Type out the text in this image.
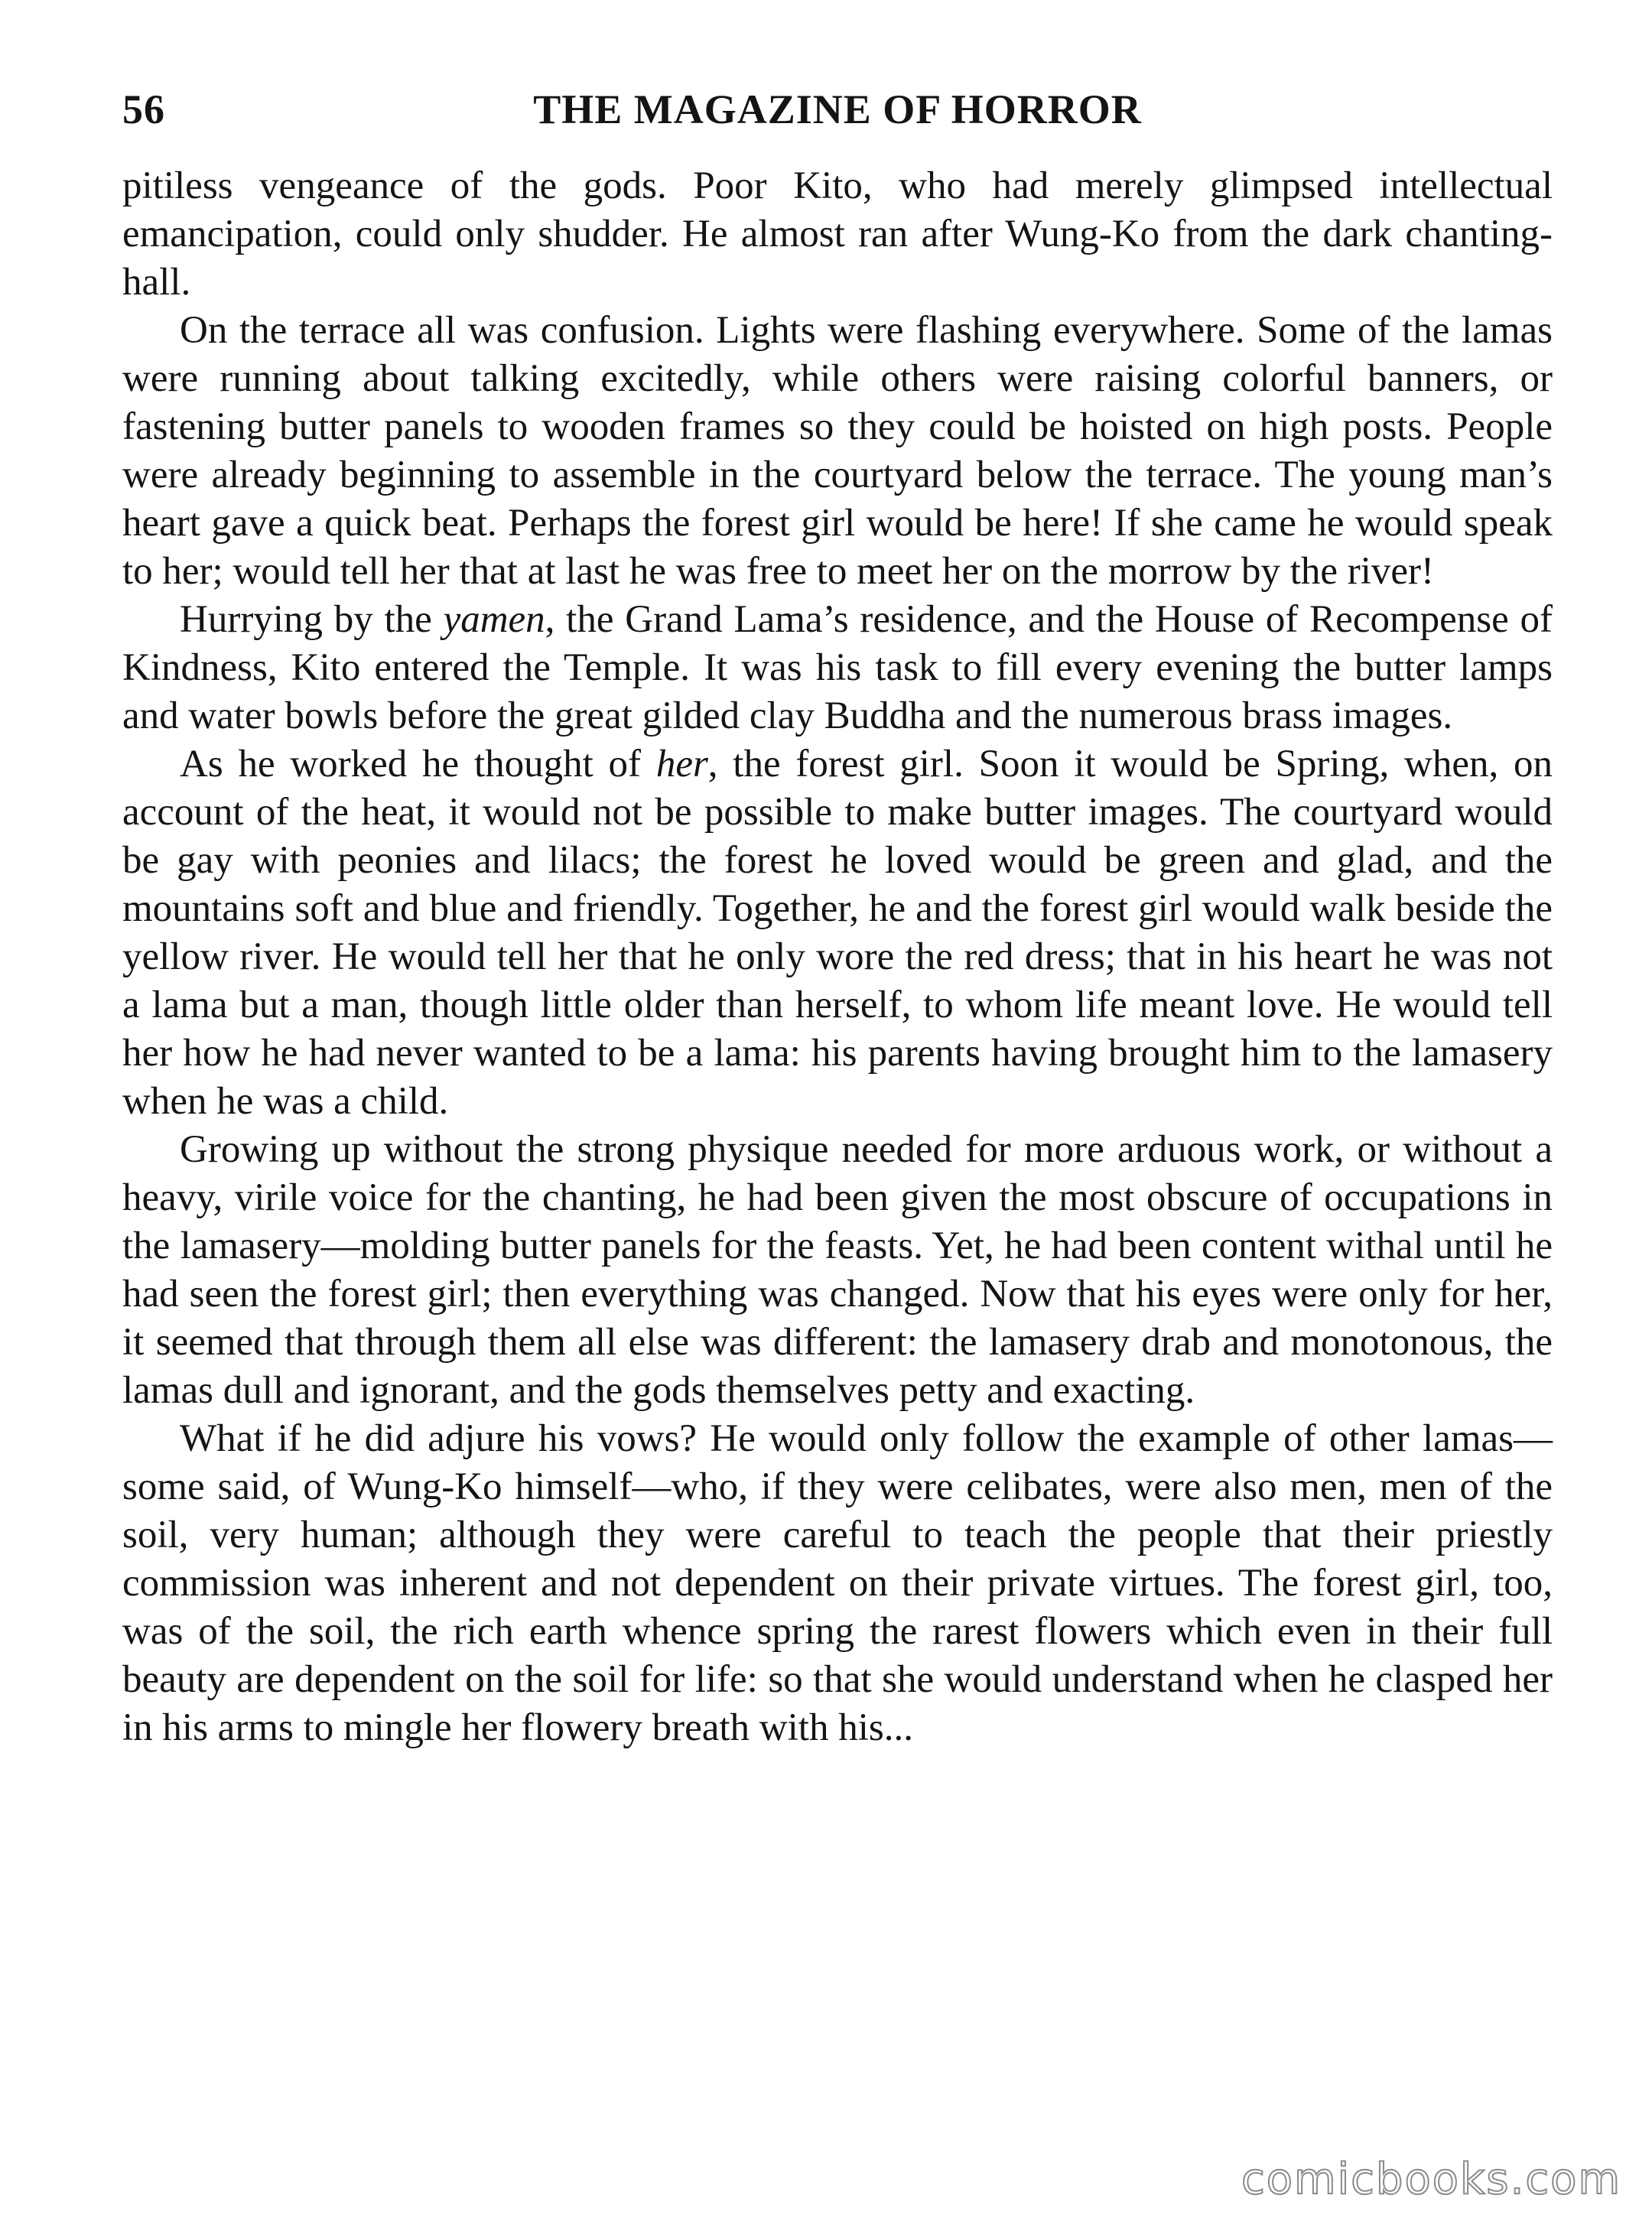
56	THE MAGAZINE OF HORROR

pitiless vengeance of the gods. Poor Kito, who had merely glimpsed intellectual emancipation, could only shudder. He almost ran after Wung-Ko from the dark chanting-hall.

On the terrace all was confusion. Lights were flashing everywhere. Some of the lamas were running about talking excitedly, while others were raising colorful banners, or fastening butter panels to wooden frames so they could be hoisted on high posts. People were already beginning to assemble in the courtyard below the terrace. The young man’s heart gave a quick beat. Perhaps the forest girl would be here! If she came he would speak to her; would tell her that at last he was free to meet her on the morrow by the river!

Hurrying by the yamen, the Grand Lama’s residence, and the House of Recompense of Kindness, Kito entered the Temple. It was his task to fill every evening the butter lamps and water bowls before the great gilded clay Buddha and the numerous brass images.

As he worked he thought of her, the forest girl. Soon it would be Spring, when, on account of the heat, it would not be possible to make butter images. The courtyard would be gay with peonies and lilacs; the forest he loved would be green and glad, and the mountains soft and blue and friendly. Together, he and the forest girl would walk beside the yellow river. He would tell her that he only wore the red dress; that in his heart he was not a lama but a man, though little older than herself, to whom life meant love. He would tell her how he had never wanted to be a lama: his parents having brought him to the lamasery when he was a child.

Growing up without the strong physique needed for more arduous work, or without a heavy, virile voice for the chanting, he had been given the most obscure of occupations in the lamasery—molding butter panels for the feasts. Yet, he had been content withal until he had seen the forest girl; then everything was changed. Now that his eyes were only for her, it seemed that through them all else was different: the lamasery drab and monotonous, the lamas dull and ignorant, and the gods themselves petty and exacting.

What if he did adjure his vows? He would only follow the example of other lamas—some said, of Wung-Ko himself—who, if they were celibates, were also men, men of the soil, very human; although they were careful to teach the people that their priestly commission was inherent and not dependent on their private virtues. The forest girl, too, was of the soil, the rich earth whence spring the rarest flowers which even in their full beauty are dependent on the soil for life: so that she would understand when he clasped her in his arms to mingle her flowery breath with his...

comicbooks.com
